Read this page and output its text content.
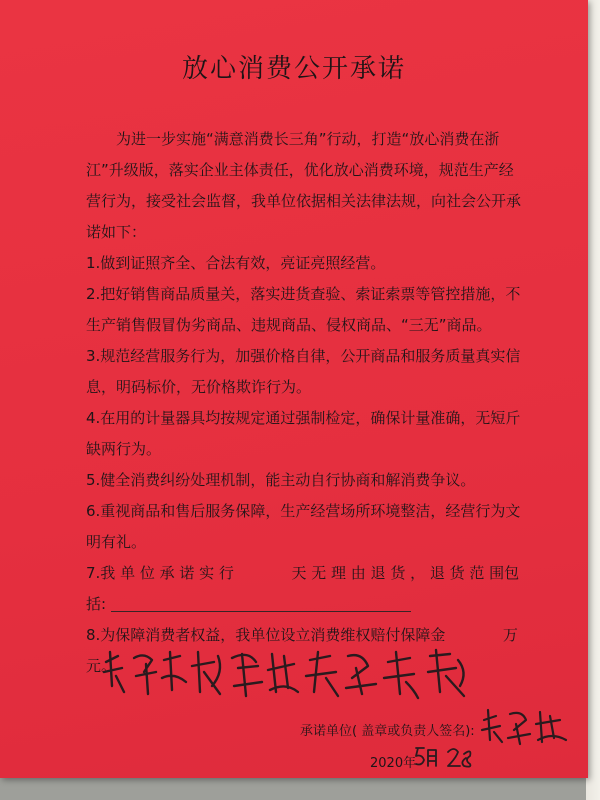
放心消费公开承诺

为进一步实施“满意消费长三角”行动，打造“放心消费在浙江”升级版，落实企业主体责任，优化放心消费环境，规范生产经营行为，接受社会监督，我单位依据相关法律法规，向社会公开承诺如下：

1.做到证照齐全、合法有效，亮证亮照经营。

2.把好销售商品质量关，落实进货查验、索证索票等管控措施，不生产销售假冒伪劣商品、违规商品、侵权商品、“三无”商品。

3.规范经营服务行为，加强价格自律，公开商品和服务质量真实信息，明码标价，无价格欺诈行为。

4.在用的计量器具均按规定通过强制检定，确保计量准确，无短斤缺两行为。

5.健全消费纠纷处理机制，能主动自行协商和解消费争议。

6.重视商品和售后服务保障，生产经营场所环境整洁，经营行为文明有礼。

7.我 单 位 承 诺 实 行	天 无 理 由 退 货 ， 退 货 范 围包括:

8.为保障消费者权益，我单位设立消费维权赔付保障金	万元。

承诺单位( 盖章或负责人签名):
2020年
